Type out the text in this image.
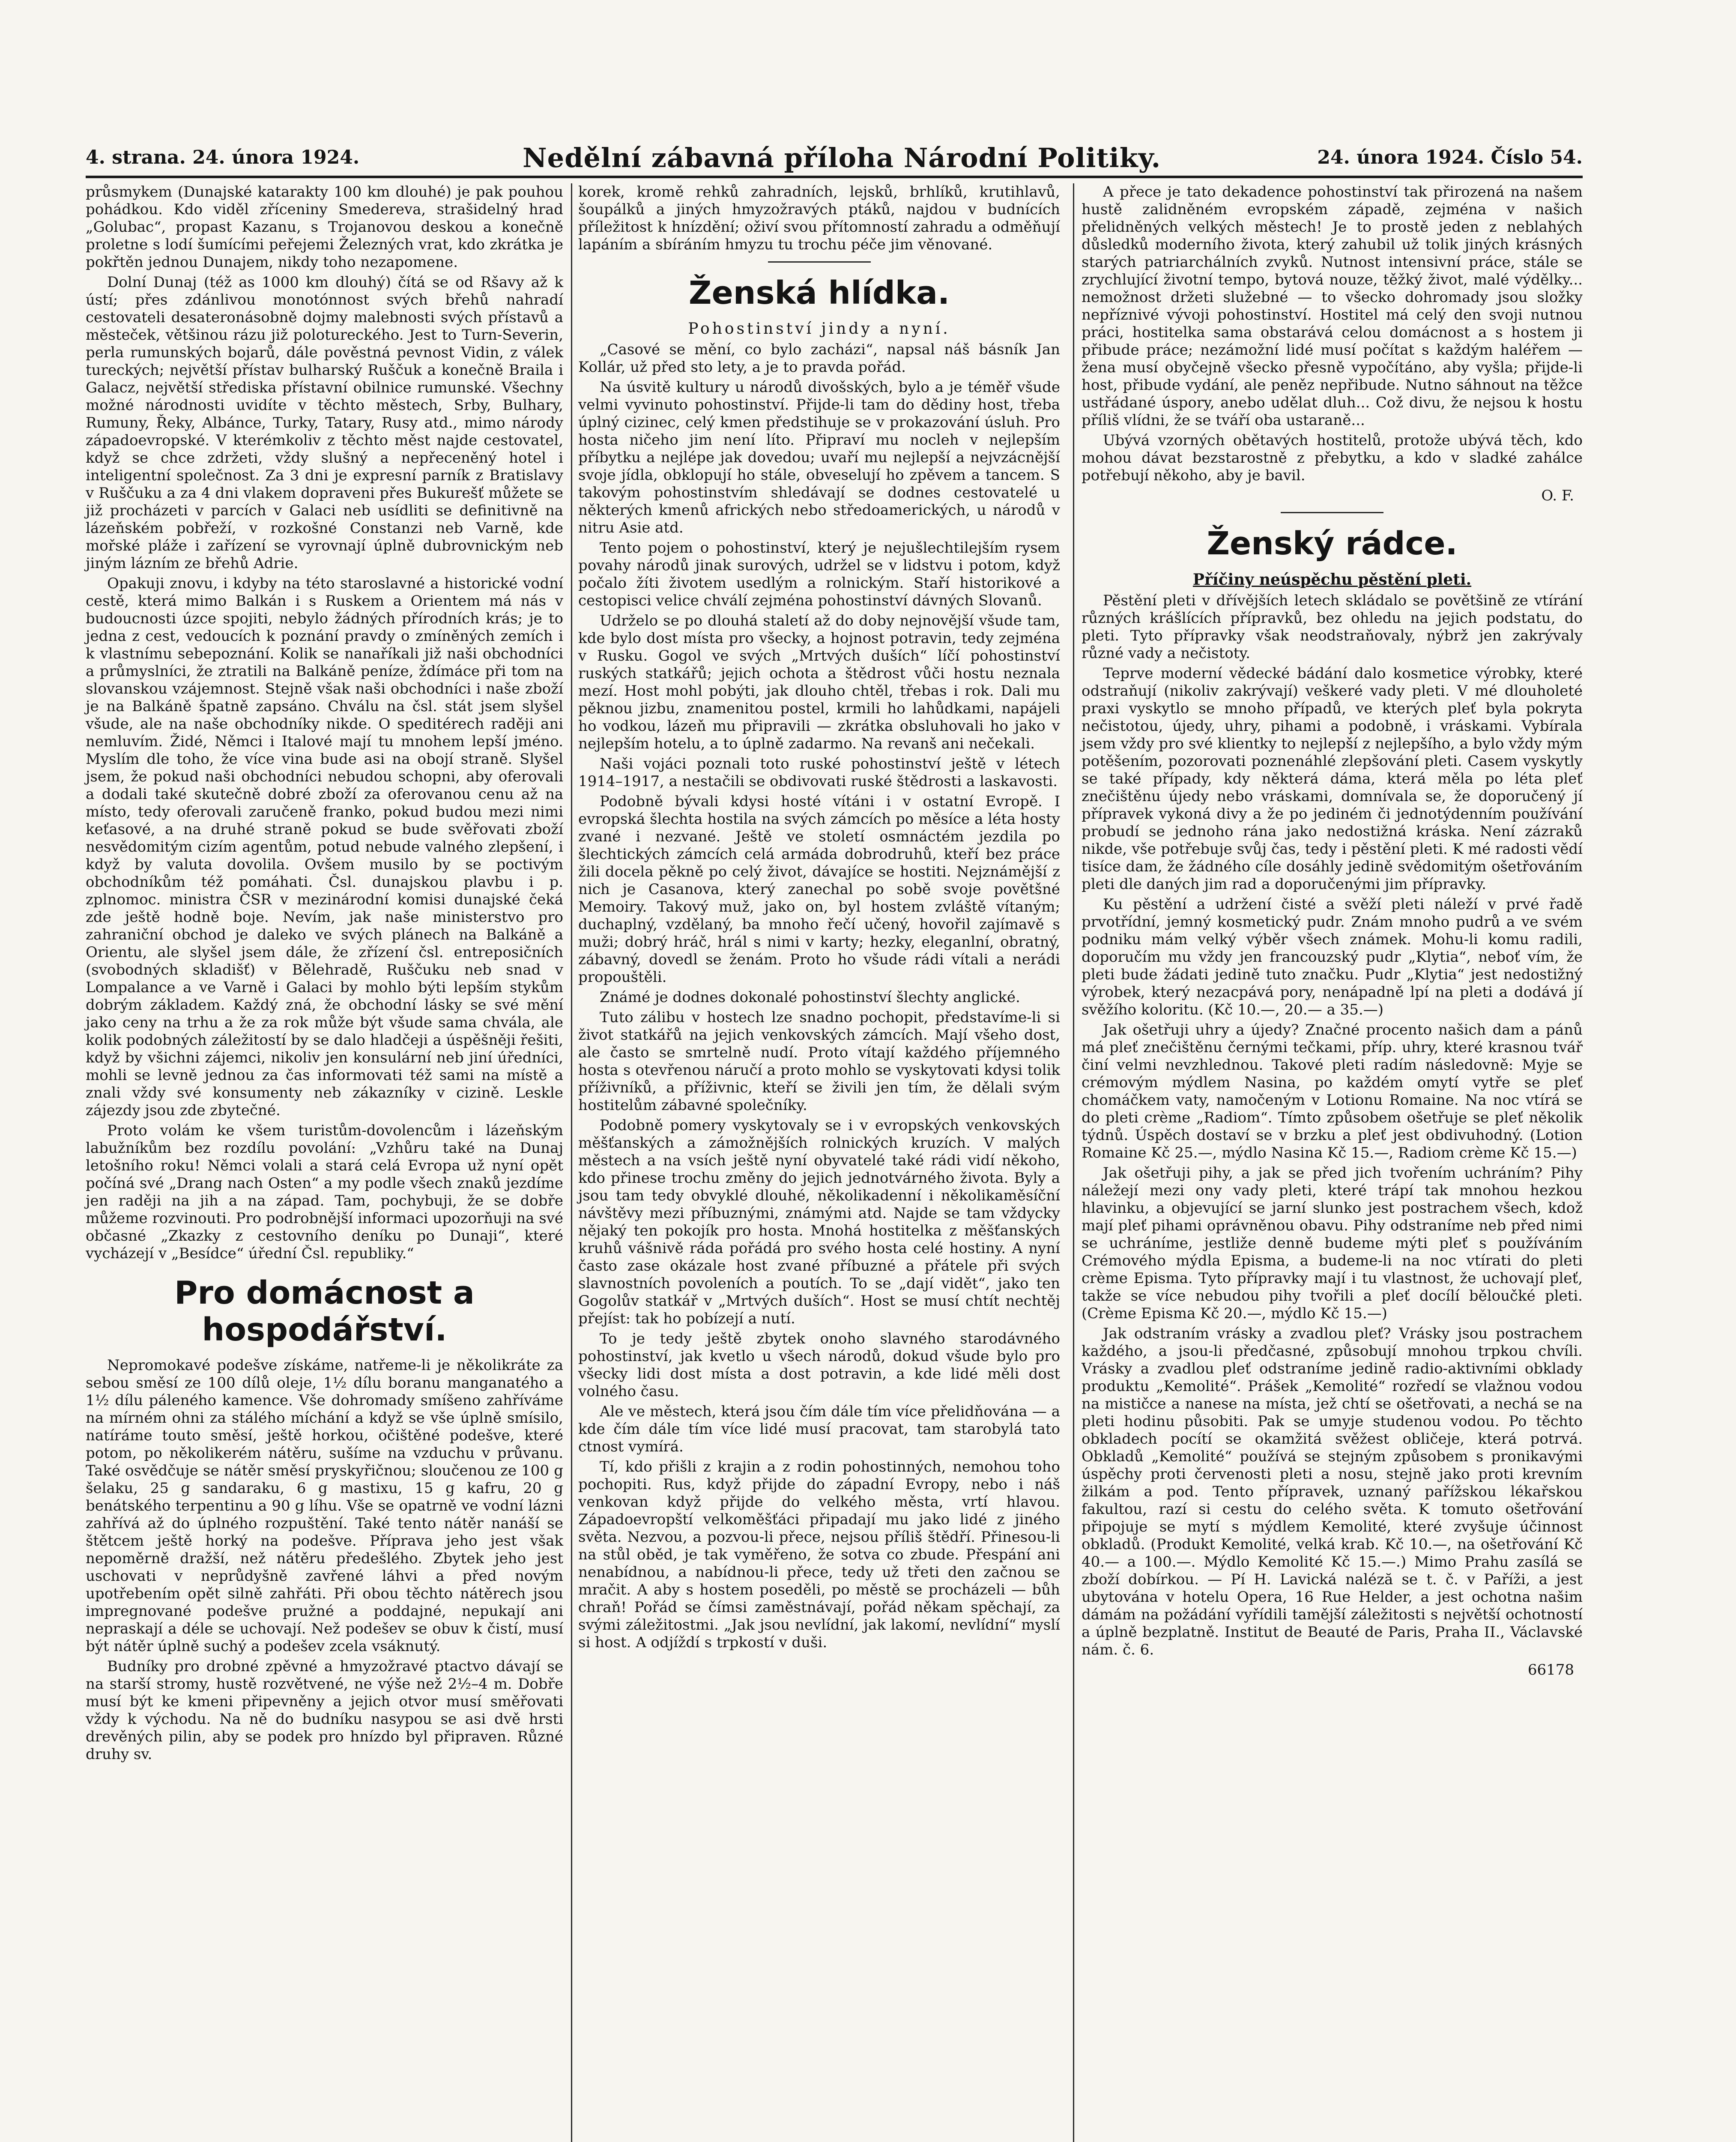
4. strana. 24. února 1924.	Nedělní zábavná příloha Národní Politiky.	24. února 1924. Číslo 54.

průsmykem (Dunajské katarakty 100 km dlouhé) je pak pouhou pohádkou. Kdo viděl zříceniny Smedereva, strašidelný hrad „Golubac“, propast Kazanu, s Trojanovou deskou a konečně proletne s lodí šumícími peřejemi Železných vrat, kdo zkrátka je pokřtěn jednou Dunajem, nikdy toho nezapomene.

Dolní Dunaj (též as 1000 km dlouhý) čítá se od Ršavy až k ústí; přes zdánlivou monotónnost svých břehů nahradí cestovateli desateronásobně dojmy malebnosti svých přístavů a městeček, většinou rázu již polotureckého. Jest to Turn-Severin, perla rumunských bojarů, dále pověstná pevnost Vidin, z válek tureckých; největší přístav bulharský Ruščuk a konečně Braila i Galacz, největší střediska přístavní obilnice rumunské. Všechny možné národnosti uvidíte v těchto městech, Srby, Bulhary, Rumuny, Řeky, Albánce, Turky, Tatary, Rusy atd., mimo národy západoevropské. V kterémkoliv z těchto měst najde cestovatel, když se chce zdržeti, vždy slušný a nepřeceněný hotel i inteligentní společnost. Za 3 dni je expresní parník z Bratislavy v Ruščuku a za 4 dni vlakem dopraveni přes Bukurešť můžete se již procházeti v parcích v Galaci neb usídliti se definitivně na lázeňském pobřeží, v rozkošné Constanzi neb Varně, kde mořské pláže i zařízení se vyrovnají úplně dubrovnickým neb jiným lázním ze břehů Adrie.

Opakuji znovu, i kdyby na této staroslavné a historické vodní cestě, která mimo Balkán i s Ruskem a Orientem má nás v budoucnosti úzce spojiti, nebylo žádných přírodních krás; je to jedna z cest, vedoucích k poznání pravdy o zmíněných zemích i k vlastnímu sebepoznání. Kolik se nanaříkali již naši obchodníci a průmyslníci, že ztratili na Balkáně peníze, ždímáce při tom na slovanskou vzájemnost. Stejně však naši obchodníci i naše zboží je na Balkáně špatně zapsáno. Chválu na čsl. stát jsem slyšel všude, ale na naše obchodníky nikde. O speditérech raději ani nemluvím. Židé, Němci i Italové mají tu mnohem lepší jméno. Myslím dle toho, že více vina bude asi na obojí straně. Slyšel jsem, že pokud naši obchodníci nebudou schopni, aby oferovali a dodali také skutečně dobré zboží za oferovanou cenu až na místo, tedy oferovali zaručeně franko, pokud budou mezi nimi keťasové, a na druhé straně pokud se bude svěřovati zboží nesvědomitým cizím agentům, potud nebude valného zlepšení, i když by valuta dovolila. Ovšem musilo by se poctivým obchodníkům též pomáhati. Čsl. dunajskou plavbu i p. zplnomoc. ministra ČSR v mezinárodní komisi dunajské čeká zde ještě hodně boje. Nevím, jak naše ministerstvo pro zahraniční obchod je daleko ve svých plánech na Balkáně a Orientu, ale slyšel jsem dále, že zřízení čsl. entreposičních (svobodných skladišť) v Bělehradě, Ruščuku neb snad v Lompalance a ve Varně i Galaci by mohlo býti lepším stykům dobrým základem. Každý zná, že obchodní lásky se své mění jako ceny na trhu a že za rok může být všude sama chvála, ale kolik podobných záležitostí by se dalo hladčeji a úspěšněji řešiti, když by všichni zájemci, nikoliv jen konsulární neb jiní úředníci, mohli se levně jednou za čas informovati též sami na místě a znali vždy své konsumenty neb zákazníky v cizině. Leskle zájezdy jsou zde zbytečné.

Proto volám ke všem turistům-dovolencům i lázeňským labužníkům bez rozdílu povolání: „Vzhůru také na Dunaj letošního roku! Němci volali a stará celá Evropa už nyní opět počíná své „Drang nach Osten“ a my podle všech znaků jezdíme jen raději na jih a na západ. Tam, pochybuji, že se dobře můžeme rozvinouti. Pro podrobnější informaci upozorňuji na své občasné „Zkazky z cestovního deníku po Dunaji“, které vycházejí v „Besídce“ úřední Čsl. republiky.“

Pro domácnost a hospodářství.

Nepromokavé podešve získáme, natřeme-li je několikráte za sebou směsí ze 100 dílů oleje, 1½ dílu boranu manganatého a 1½ dílu páleného kamence. Vše dohromady smíšeno zahříváme na mírném ohni za stálého míchání a když se vše úplně smísilo, natíráme touto směsí, ještě horkou, očištěné podešve, které potom, po několikerém nátěru, sušíme na vzduchu v průvanu. Také osvědčuje se nátěr směsí pryskyřičnou; sloučenou ze 100 g šelaku, 25 g sandaraku, 6 g mastixu, 15 g kafru, 20 g benátského terpentinu a 90 g líhu. Vše se opatrně ve vodní lázni zahřívá až do úplného rozpuštění. Také tento nátěr nanáší se štětcem ještě horký na podešve. Příprava jeho jest však nepoměrně dražší, než nátěru předešlého. Zbytek jeho jest uschovati v neprůdyšně zavřené láhvi a před novým upotřebením opět silně zahřáti. Při obou těchto nátěrech jsou impregnované podešve pružné a poddajné, nepukají ani nepraskají a déle se uchovají. Než podešev se obuv k čistí, musí být nátěr úplně suchý a podešev zcela vsáknutý.

Budníky pro drobné zpěvné a hmyzožravé ptactvo dávají se na starší stromy, hustě rozvětvené, ne výše než 2½–4 m. Dobře musí být ke kmeni připevněny a jejich otvor musí směřovati vždy k východu. Na ně do budníku nasypou se asi dvě hrsti drevěných pilin, aby se podek pro hnízdo byl připraven. Různé druhy sv.

korek, kromě rehků zahradních, lejsků, brhlíků, krutihlavů, šoupálků a jiných hmyzožravých ptáků, najdou v budnících příležitost k hnízdění; oživí svou přítomností zahradu a odměňují lapáním a sbíráním hmyzu tu trochu péče jim věnované.

Ženská hlídka.
Pohostinství jindy a nyní.

„Casové se mění, co bylo zacházi“, napsal náš básník Jan Kollár, už před sto lety, a je to pravda pořád.

Na úsvitě kultury u národů divošských, bylo a je téměř všude velmi vyvinuto pohostinství. Přijde-li tam do dědiny host, třeba úplný cizinec, celý kmen předstihuje se v prokazování úsluh. Pro hosta ničeho jim není líto. Připraví mu nocleh v nejlepším příbytku a nejlépe jak dovedou; uvaří mu nejlepší a nejvzácnější svoje jídla, obklopují ho stále, obveselují ho zpěvem a tancem. S takovým pohostinstvím shledávají se dodnes cestovatelé u některých kmenů afrických nebo středoamerických, u národů v nitru Asie atd.

Tento pojem o pohostinství, který je nejušlechtilejším rysem povahy národů jinak surových, udržel se v lidstvu i potom, když počalo žíti životem usedlým a rolnickým. Staří historikové a cestopisci velice chválí zejména pohostinství dávných Slovanů.

Udrželo se po dlouhá staletí až do doby nejnovější všude tam, kde bylo dost místa pro všecky, a hojnost potravin, tedy zejména v Rusku. Gogol ve svých „Mrtvých duších“ líčí pohostinství ruských statkářů; jejich ochota a štědrost vůči hostu neznala mezí. Host mohl pobýti, jak dlouho chtěl, třebas i rok. Dali mu pěknou jizbu, znamenitou postel, krmili ho lahůdkami, napájeli ho vodkou, lázeň mu připravili — zkrátka obsluhovali ho jako v nejlepším hotelu, a to úplně zadarmo. Na revanš ani nečekali.

Naši vojáci poznali toto ruské pohostinství ještě v létech 1914–1917, a nestačili se obdivovati ruské štědrosti a laskavosti.

Podobně bývali kdysi hosté vítáni i v ostatní Evropě. I evropská šlechta hostila na svých zámcích po měsíce a léta hosty zvané i nezvané. Ještě ve století osmnáctém jezdila po šlechtických zámcích celá armáda dobrodruhů, kteří bez práce žili docela pěkně po celý život, dávajíce se hostiti. Nejznámější z nich je Casanova, který zanechal po sobě svoje povětšné Memoiry. Takový muž, jako on, byl hostem zvláště vítaným; duchaplný, vzdělaný, ba mnoho řečí učený, hovořil zajímavě s muži; dobrý hráč, hrál s nimi v karty; hezky, eleganlní, obratný, zábavný, dovedl se ženám. Proto ho všude rádi vítali a nerádi propouštěli.

Známé je dodnes dokonalé pohostinství šlechty anglické.

Tuto zálibu v hostech lze snadno pochopit, představíme-li si život statkářů na jejich venkovských zámcích. Mají všeho dost, ale často se smrtelně nudí. Proto vítají každého příjemného hosta s otevřenou náručí a proto mohlo se vyskytovati kdysi tolik příživníků, a příživnic, kteří se živili jen tím, že dělali svým hostitelům zábavné společníky.

Podobně pomery vyskytovaly se i v evropských venkovských měšťanských a zámožnějších rolnických kruzích. V malých městech a na vsích ještě nyní obyvatelé také rádi vidí někoho, kdo přinese trochu změny do jejich jednotvárného života. Byly a jsou tam tedy obvyklé dlouhé, několikadenní i několikaměsíční návštěvy mezi příbuznými, známými atd. Najde se tam vždycky nějaký ten pokojík pro hosta. Mnohá hostitelka z měšťanských kruhů vášnivě ráda pořádá pro svého hosta celé hostiny. A nyní často zase okázale host zvané příbuzné a přátele při svých slavnostních povoleních a poutích. To se „dají vidět“, jako ten Gogolův statkář v „Mrtvých duších“. Host se musí chtít nechtěj přejíst: tak ho pobízejí a nutí.

To je tedy ještě zbytek onoho slavného starodávného pohostinství, jak kvetlo u všech národů, dokud všude bylo pro všecky lidi dost místa a dost potravin, a kde lidé měli dost volného času.

Ale ve městech, která jsou čím dále tím více přelidňována — a kde čím dále tím více lidé musí pracovat, tam starobylá tato ctnost vymírá.

Tí, kdo přišli z krajin a z rodin pohostinných, nemohou toho pochopiti. Rus, když přijde do západní Evropy, nebo i náš venkovan když přijde do velkého města, vrtí hlavou. Západoevropští velkoměšťáci připadají mu jako lidé z jiného světa. Nezvou, a pozvou-li přece, nejsou příliš štědří. Přinesou-li na stůl oběd, je tak vyměřeno, že sotva co zbude. Přespání ani nenabídnou, a nabídnou-li přece, tedy už třeti den začnou se mračit. A aby s hostem poseděli, po městě se procházeli — bůh chraň! Pořád se čímsi zaměstnávají, pořád někam spěchají, za svými záležitostmi. „Jak jsou nevlídní, jak lakomí, nevlídní“ myslí si host. A odjíždí s trpkostí v duši.

A přece je tato dekadence pohostinství tak přirozená na našem hustě zalidněném evropském západě, zejména v našich přelidněných velkých městech! Je to prostě jeden z neblahých důsledků moderního života, který zahubil už tolik jiných krásných starých patriarchálních zvyků. Nutnost intensivní práce, stále se zrychlující životní tempo, bytová nouze, těžký život, malé výdělky... nemožnost držeti služebné — to všecko dohromady jsou složky nepříznivé vývoji pohostinství. Hostitel má celý den svoji nutnou práci, hostitelka sama obstarává celou domácnost a s hostem ji přibude práce; nezámožní lidé musí počítat s každým haléřem — žena musí obyčejně všecko přesně vypočítáno, aby vyšla; přijde-li host, přibude vydání, ale peněz nepřibude. Nutno sáhnout na těžce ustřádané úspory, anebo udělat dluh... Což divu, že nejsou k hostu příliš vlídni, že se tváří oba ustaraně...

Ubývá vzorných obětavých hostitelů, protože ubývá těch, kdo mohou dávat bezstarostně z přebytku, a kdo v sladké zahálce potřebují někoho, aby je bavil.

O. F.
Ženský rádce.
Příčiny neúspěchu pěstění pleti.

Pěstění pleti v dřívějších letech skládalo se povětšině ze vtírání různých krášlících přípravků, bez ohledu na jejich podstatu, do pleti. Tyto přípravky však neodstraňovaly, nýbrž jen zakrývaly různé vady a nečistoty.

Teprve moderní vědecké bádání dalo kosmetice výrobky, které odstraňují (nikoliv zakrývají) veškeré vady pleti. V mé dlouholeté praxi vyskytlo se mnoho případů, ve kterých pleť byla pokryta nečistotou, újedy, uhry, pihami a podobně, i vráskami. Vybírala jsem vždy pro své klientky to nejlepší z nejlepšího, a bylo vždy mým potěšením, pozorovati poznenáhlé zlepšování pleti. Casem vyskytly se také případy, kdy některá dáma, která měla po léta pleť znečištěnu újedy nebo vráskami, domnívala se, že doporučený jí přípravek vykoná divy a že po jediném či jednotýdenním používání probudí se jednoho rána jako nedostižná kráska. Není zázraků nikde, vše potřebuje svůj čas, tedy i pěstění pleti. K mé radosti vědí tisíce dam, že žádného cíle dosáhly jedině svědomitým ošetřováním pleti dle daných jim rad a doporučenými jim přípravky.

Ku pěstění a udržení čisté a svěží pleti náleží v prvé řadě prvotřídní, jemný kosmetický pudr. Znám mnoho pudrů a ve svém podniku mám velký výběr všech známek. Mohu-li komu radili, doporučím mu vždy jen francouzský pudr „Klytia“, neboť vím, že pleti bude žádati jedině tuto značku. Pudr „Klytia“ jest nedostižný výrobek, který nezacpává pory, nenápadně lpí na pleti a dodává jí svěžího koloritu. (Kč 10.—, 20.— a 35.—)

Jak ošetřuji uhry a újedy? Značné procento našich dam a pánů má pleť znečištěnu černými tečkami, příp. uhry, které krasnou tvář činí velmi nevzhlednou. Takové pleti radím následovně: Myje se crémovým mýdlem Nasina, po každém omytí vytře se pleť chomáčkem vaty, namočeným v Lotionu Romaine. Na noc vtírá se do pleti crème „Radiom“. Tímto způsobem ošetřuje se pleť několik týdnů. Úspěch dostaví se v brzku a pleť jest obdivuhodný. (Lotion Romaine Kč 25.—, mýdlo Nasina Kč 15.—, Radiom crème Kč 15.—)

Jak ošetřuji pihy, a jak se před jich tvořením uchráním? Pihy náležejí mezi ony vady pleti, které trápí tak mnohou hezkou hlavinku, a objevující se jarní slunko jest postrachem všech, kdož mají pleť pihami oprávněnou obavu. Pihy odstraníme neb před nimi se uchráníme, jestliže denně budeme mýti pleť s používáním Crémového mýdla Episma, a budeme-li na noc vtírati do pleti crème Episma. Tyto přípravky mají i tu vlastnost, že uchovají pleť, takže se více nebudou pihy tvořili a pleť docílí běloučké pleti. (Crème Episma Kč 20.—, mýdlo Kč 15.—)

Jak odstraním vrásky a zvadlou pleť? Vrásky jsou postrachem každého, a jsou-li předčasné, způsobují mnohou trpkou chvíli. Vrásky a zvadlou pleť odstraníme jedině radio-aktivními obklady produktu „Kemolité“. Prášek „Kemolité“ rozředí se vlažnou vodou na mističce a nanese na místa, jež chtí se ošetřovati, a nechá se na pleti hodinu působiti. Pak se umyje studenou vodou. Po těchto obkladech pocítí se okamžitá svěžest obličeje, která potrvá. Obkladů „Kemolité“ používá se stejným způsobem s pronikavými úspěchy proti červenosti pleti a nosu, stejně jako proti krevním žilkám a pod. Tento přípravek, uznaný pařížskou lékařskou fakultou, razí si cestu do celého světa. K tomuto ošetřování připojuje se mytí s mýdlem Kemolité, které zvyšuje účinnost obkladů. (Produkt Kemolité, velká krab. Kč 10.—, na ošetřování Kč 40.— a 100.—. Mýdlo Kemolité Kč 15.—.) Mimo Prahu zasílá se zboží dobírkou. — Pí H. Lavická naléză se t. č. v Paříži, a jest ubytována v hotelu Opera, 16 Rue Helder, a jest ochotna našim dámám na požádání vyřídili tamější záležitosti s největší ochotností a úplně bezplatně. Institut de Beauté de Paris, Praha II., Václavské nám. č. 6.

66178
